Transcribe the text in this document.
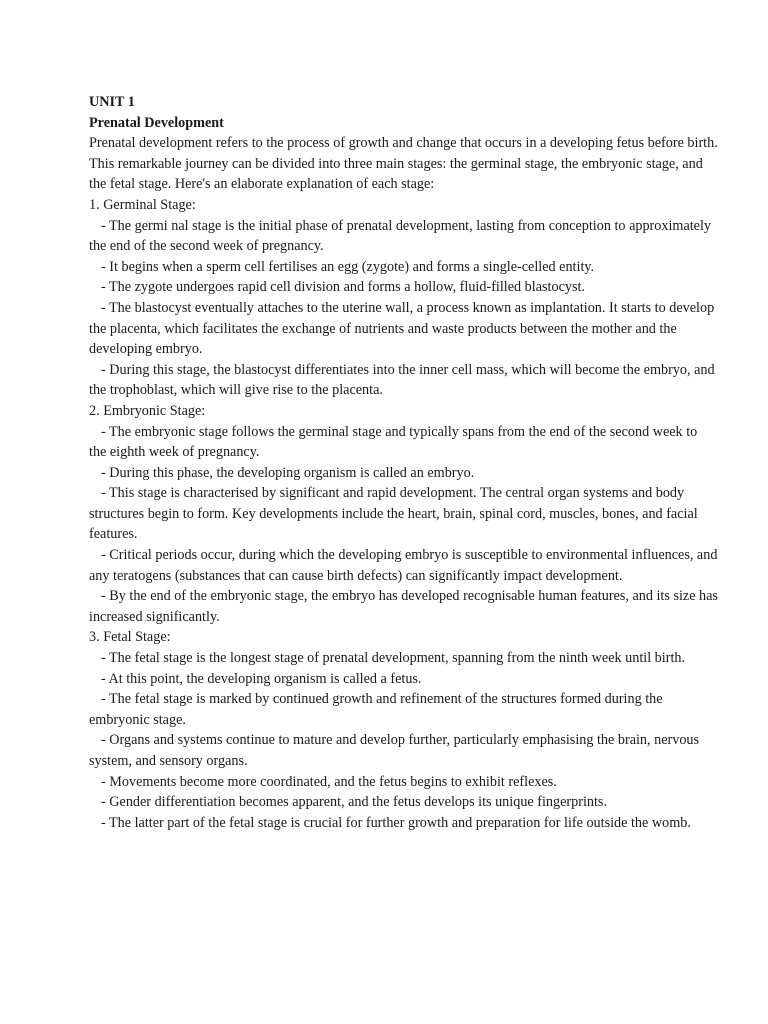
UNIT 1
Prenatal Development
Prenatal development refers to the process of growth and change that occurs in a developing fetus before birth. This remarkable journey can be divided into three main stages: the germinal stage, the embryonic stage, and the fetal stage. Here's an elaborate explanation of each stage:
1. Germinal Stage:
- The germi nal stage is the initial phase of prenatal development, lasting from conception to approximately the end of the second week of pregnancy.
- It begins when a sperm cell fertilises an egg (zygote) and forms a single-celled entity.
- The zygote undergoes rapid cell division and forms a hollow, fluid-filled blastocyst.
- The blastocyst eventually attaches to the uterine wall, a process known as implantation. It starts to develop the placenta, which facilitates the exchange of nutrients and waste products between the mother and the developing embryo.
- During this stage, the blastocyst differentiates into the inner cell mass, which will become the embryo, and the trophoblast, which will give rise to the placenta.
2. Embryonic Stage:
- The embryonic stage follows the germinal stage and typically spans from the end of the second week to the eighth week of pregnancy.
- During this phase, the developing organism is called an embryo.
- This stage is characterised by significant and rapid development. The central organ systems and body structures begin to form. Key developments include the heart, brain, spinal cord, muscles, bones, and facial features.
- Critical periods occur, during which the developing embryo is susceptible to environmental influences, and any teratogens (substances that can cause birth defects) can significantly impact development.
- By the end of the embryonic stage, the embryo has developed recognisable human features, and its size has increased significantly.
3. Fetal Stage:
- The fetal stage is the longest stage of prenatal development, spanning from the ninth week until birth.
- At this point, the developing organism is called a fetus.
- The fetal stage is marked by continued growth and refinement of the structures formed during the embryonic stage.
- Organs and systems continue to mature and develop further, particularly emphasising the brain, nervous system, and sensory organs.
- Movements become more coordinated, and the fetus begins to exhibit reflexes.
- Gender differentiation becomes apparent, and the fetus develops its unique fingerprints.
- The latter part of the fetal stage is crucial for further growth and preparation for life outside the womb.
